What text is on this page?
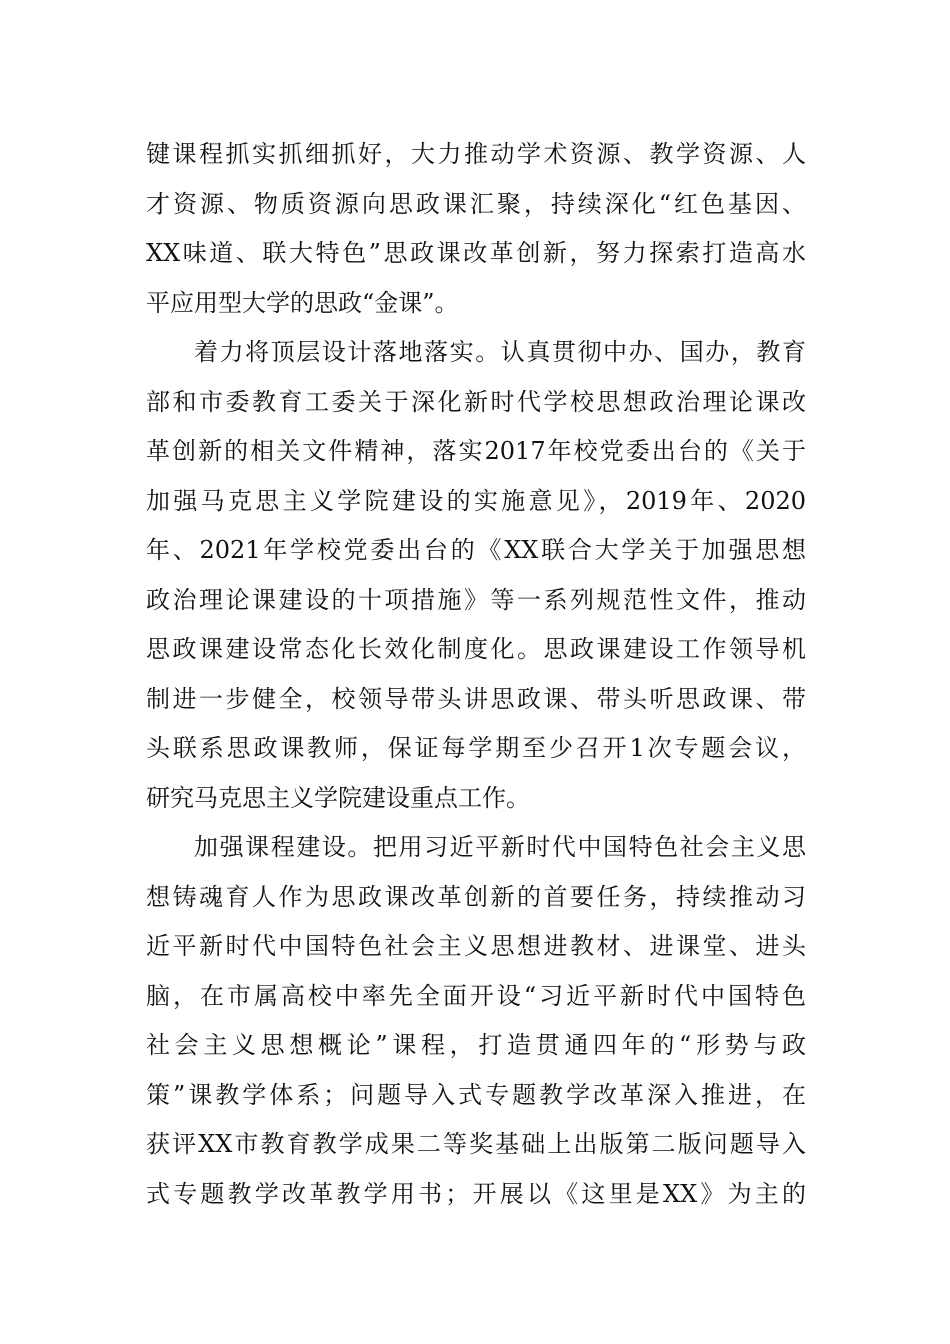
键课程抓实抓细抓好，大力推动学术资源、教学资源、人
才资源、物质资源向思政课汇聚，持续深化“红色基因、
XX味道、联大特色”思政课改革创新，努力探索打造高水
平应用型大学的思政“金课”。
着力将顶层设计落地落实。认真贯彻中办、国办，教育
部和市委教育工委关于深化新时代学校思想政治理论课改
革创新的相关文件精神，落实2017年校党委出台的《关于
加强马克思主义学院建设的实施意见》，2019年、2020
年、2021年学校党委出台的《XX联合大学关于加强思想
政治理论课建设的十项措施》等一系列规范性文件，推动
思政课建设常态化长效化制度化。思政课建设工作领导机
制进一步健全，校领导带头讲思政课、带头听思政课、带
头联系思政课教师，保证每学期至少召开1次专题会议，
研究马克思主义学院建设重点工作。
加强课程建设。把用习近平新时代中国特色社会主义思
想铸魂育人作为思政课改革创新的首要任务，持续推动习
近平新时代中国特色社会主义思想进教材、进课堂、进头
脑，在市属高校中率先全面开设“习近平新时代中国特色
社会主义思想概论”课程，打造贯通四年的“形势与政
策”课教学体系；问题导入式专题教学改革深入推进，在
获评XX市教育教学成果二等奖基础上出版第二版问题导入
式专题教学改革教学用书；开展以《这里是XX》为主的
